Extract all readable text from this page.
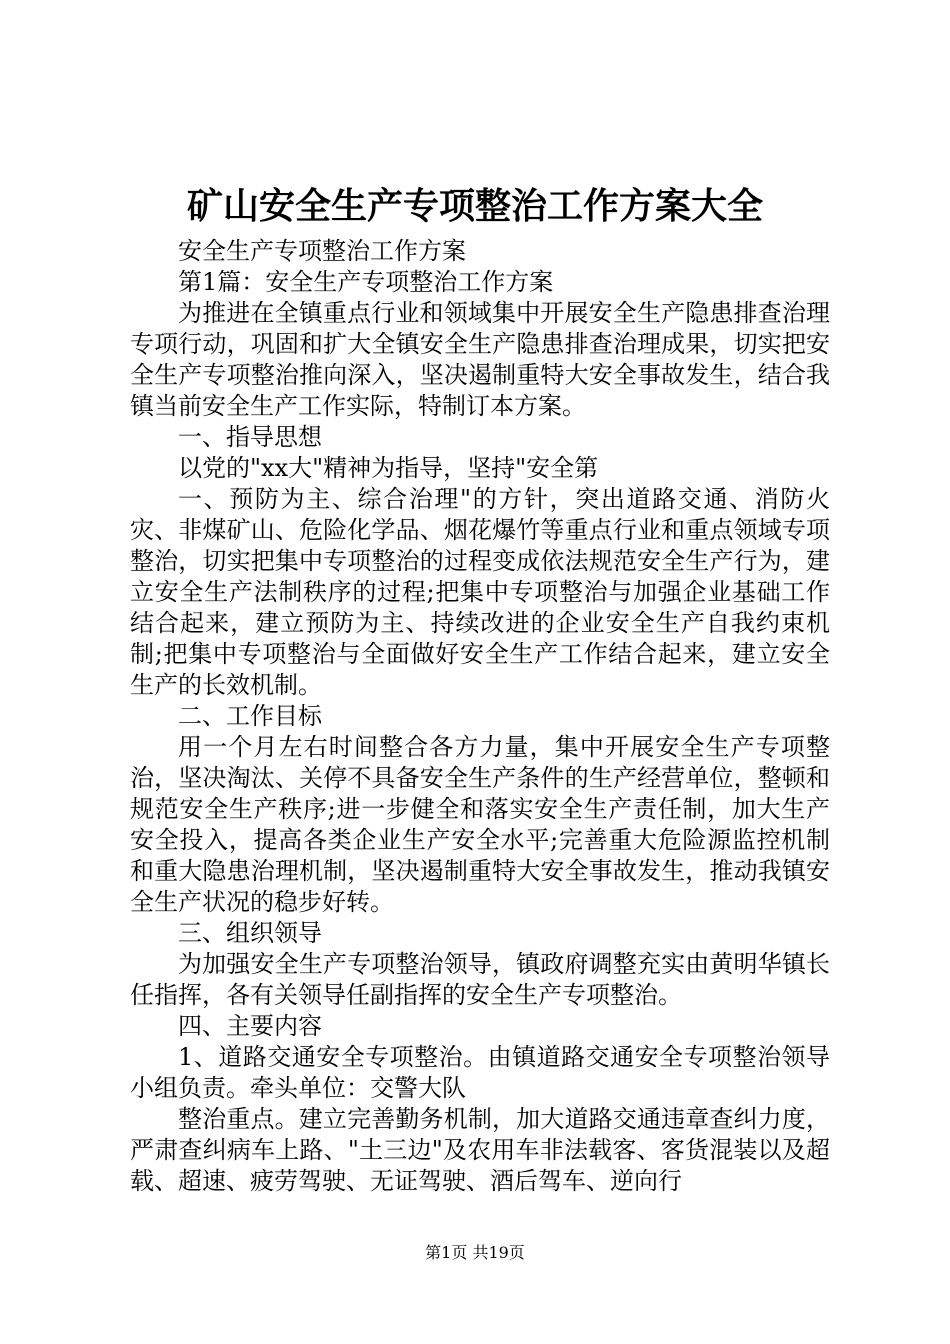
矿山安全生产专项整治工作方案大全

安全生产专项整治工作方案

第1篇：安全生产专项整治工作方案

为推进在全镇重点行业和领域集中开展安全生产隐患排查治理专项行动，巩固和扩大全镇安全生产隐患排查治理成果，切实把安全生产专项整治推向深入，坚决遏制重特大安全事故发生，结合我镇当前安全生产工作实际，特制订本方案。

一、指导思想

以党的"xx大"精神为指导，坚持"安全第

一、预防为主、综合治理"的方针，突出道路交通、消防火灾、非煤矿山、危险化学品、烟花爆竹等重点行业和重点领域专项整治，切实把集中专项整治的过程变成依法规范安全生产行为，建立安全生产法制秩序的过程;把集中专项整治与加强企业基础工作结合起来，建立预防为主、持续改进的企业安全生产自我约束机制;把集中专项整治与全面做好安全生产工作结合起来，建立安全生产的长效机制。

二、工作目标

用一个月左右时间整合各方力量，集中开展安全生产专项整治，坚决淘汰、关停不具备安全生产条件的生产经营单位，整顿和规范安全生产秩序;进一步健全和落实安全生产责任制，加大生产安全投入，提高各类企业生产安全水平;完善重大危险源监控机制和重大隐患治理机制，坚决遏制重特大安全事故发生，推动我镇安全生产状况的稳步好转。

三、组织领导

为加强安全生产专项整治领导，镇政府调整充实由黄明华镇长任指挥，各有关领导任副指挥的安全生产专项整治。

四、主要内容

1、道路交通安全专项整治。由镇道路交通安全专项整治领导小组负责。牵头单位：交警大队

整治重点。建立完善勤务机制，加大道路交通违章查纠力度，严肃查纠病车上路、"土三边"及农用车非法载客、客货混装以及超载、超速、疲劳驾驶、无证驾驶、酒后驾车、逆向行

第1页 共19页
